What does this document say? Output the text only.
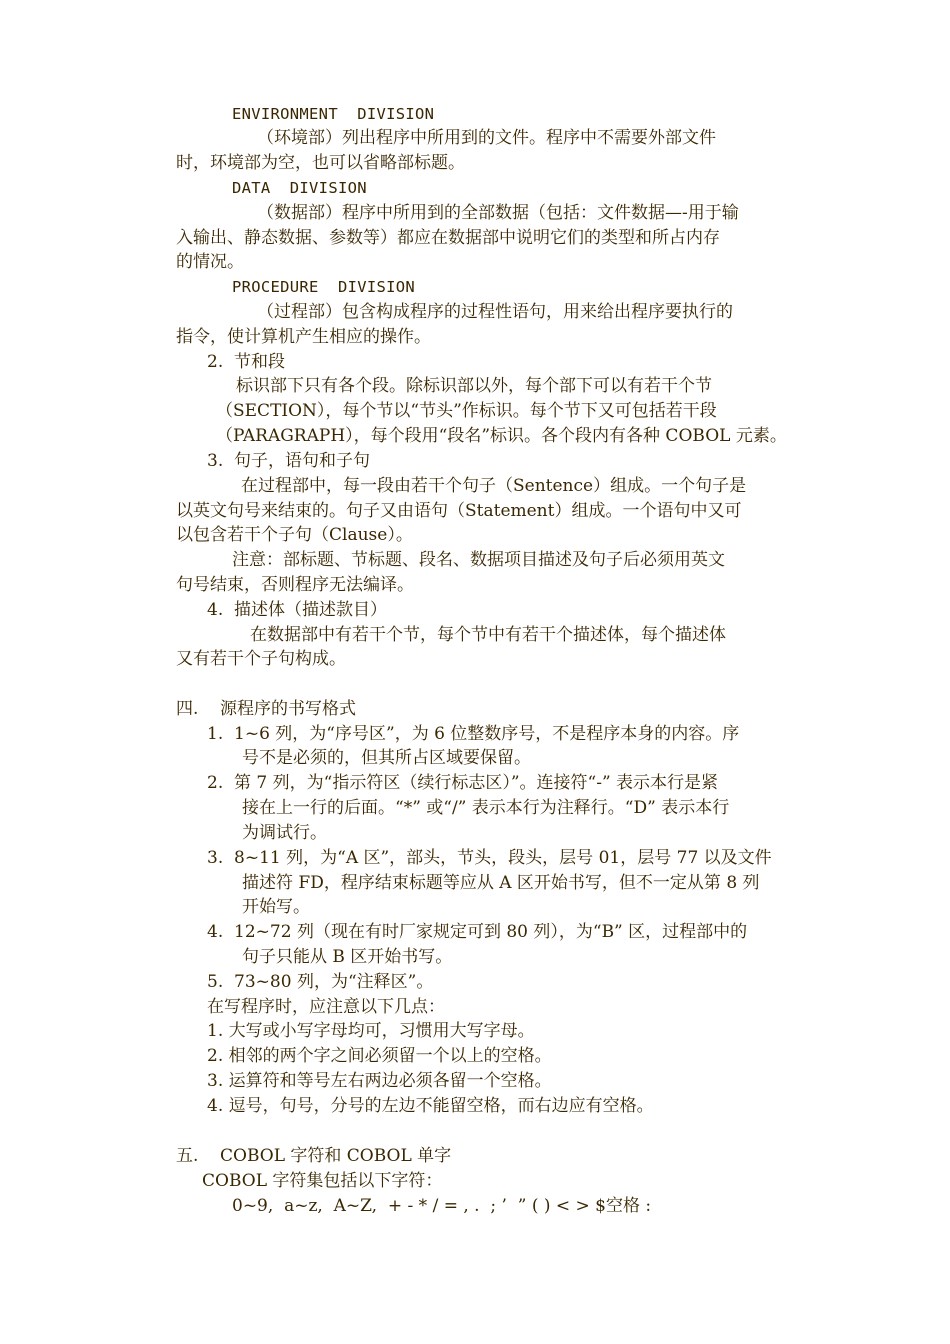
ENVIRONMENT  DIVISION
（环境部）列出程序中所用到的文件。程序中不需要外部文件
时，环境部为空，也可以省略部标题。
DATA  DIVISION
（数据部）程序中所用到的全部数据（包括：文件数据—-用于输
入输出、静态数据、参数等）都应在数据部中说明它们的类型和所占内存
的情况。
PROCEDURE  DIVISION
（过程部）包含构成程序的过程性语句，用来给出程序要执行的
指令，使计算机产生相应的操作。
2.  节和段
标识部下只有各个段。除标识部以外，每个部下可以有若干个节
（SECTION），每个节以“节头”作标识。每个节下又可包括若干段
（PARAGRAPH），每个段用“段名”标识。各个段内有各种 COBOL 元素。
3.  句子，语句和子句
在过程部中，每一段由若干个句子（Sentence）组成。一个句子是
以英文句号来结束的。句子又由语句（Statement）组成。一个语句中又可
以包含若干个子句（Clause）。
注意：部标题、节标题、段名、数据项目描述及句子后必须用英文
句号结束，否则程序无法编译。
4.  描述体（描述款目）
在数据部中有若干个节，每个节中有若干个描述体，每个描述体
又有若干个子句构成。
四.    源程序的书写格式
1.  1~6 列，为“序号区”，为 6 位整数序号，不是程序本身的内容。序
号不是必须的，但其所占区域要保留。
2.  第 7 列，为“指示符区（续行标志区）”。连接符“-” 表示本行是紧
接在上一行的后面。“*” 或“/” 表示本行为注释行。“D” 表示本行
为调试行。
3.  8~11 列，为“A 区”，部头，节头，段头，层号 01，层号 77 以及文件
描述符 FD，程序结束标题等应从 A 区开始书写，但不一定从第 8 列
开始写。
4.  12~72 列（现在有时厂家规定可到 80 列），为“B” 区，过程部中的
句子只能从 B 区开始书写。
5.  73~80 列，为“注释区”。
在写程序时，应注意以下几点：
1. 大写或小写字母均可，习惯用大写字母。
2. 相邻的两个字之间必须留一个以上的空格。
3. 运算符和等号左右两边必须各留一个空格。
4. 逗号，句号，分号的左边不能留空格，而右边应有空格。
五.    COBOL 字符和 COBOL 单字
COBOL 字符集包括以下字符：
0~9,  a~z,  A~Z,  + - * / = , .  ; ’  ” ( ) < > $空格 :
